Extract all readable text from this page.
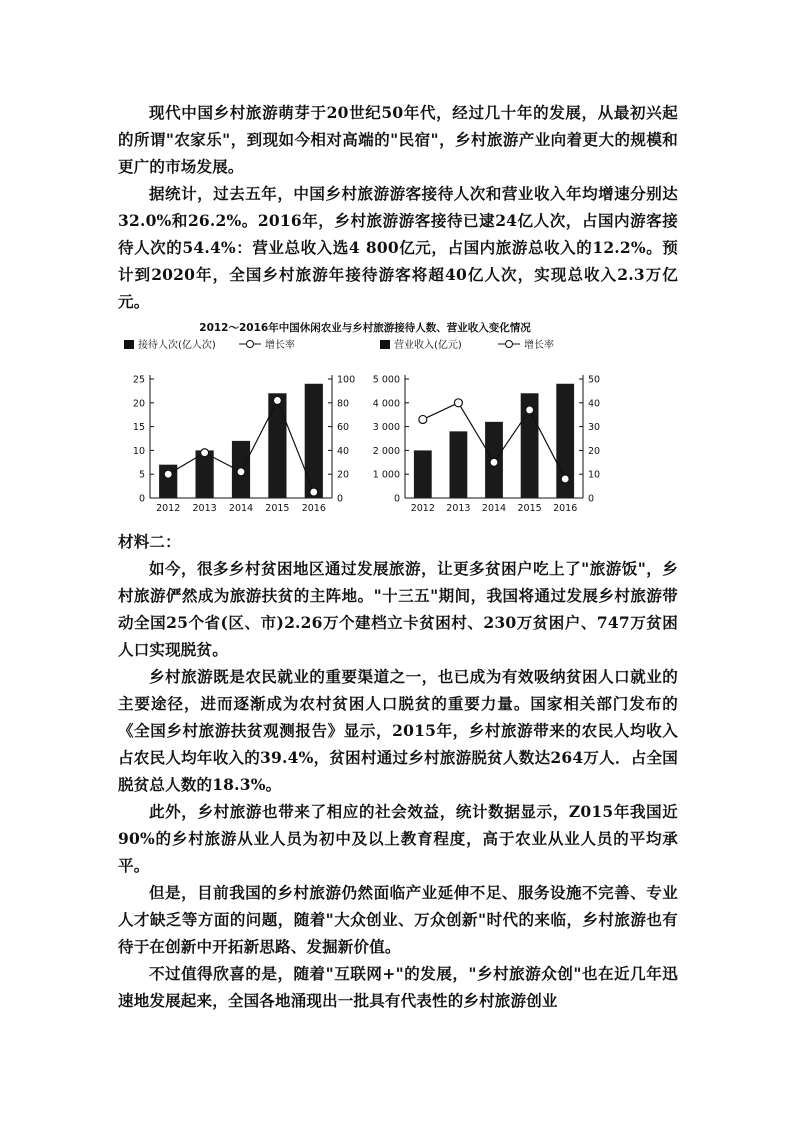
现代中国乡村旅游萌芽于20世纪50年代，经过几十年的发展，从最初兴起的所谓"农家乐"，到现如今相对高端的"民宿"，乡村旅游产业向着更大的规模和更广的市场发展。

据统计，过去五年，中国乡村旅游游客接待人次和营业收入年均增速分别达32.0%和26.2%。2016年，乡村旅游游客接待已逮24亿人次，占国内游客接待人次的54.4%：营业总收入选4 800亿元，占国内旅游总收入的12.2%。预计到2020年，全国乡村旅游年接待游客将超40亿人次，实现总收入2.3万亿元。

2012～2016年中国休闲农业与乡村旅游接待人数、营业收入变化情况
接待人次(亿人次)	增长率
0
5
10
15
20
25
0
20
40
60
80
100
2012 2013 2014 2015 2016
营业收入(亿元)	增长率
0
1 000
2 000
3 000
4 000
5 000
0
10
20
30
40
50
2012 2013 2014 2015 2016

材料二：

如今，很多乡村贫困地区通过发展旅游，让更多贫困户吃上了"旅游饭"，乡村旅游俨然成为旅游扶贫的主阵地。"十三五"期间，我国将通过发展乡村旅游带动全国25个省(区、市)2.26万个建档立卡贫困村、230万贫困户、747万贫困人口实现脱贫。

乡村旅游既是农民就业的重要渠道之一，也已成为有效吸纳贫困人口就业的主要途径，进而逐渐成为农村贫困人口脱贫的重要力量。国家相关部门发布的《全国乡村旅游扶贫观测报告》显示，2015年，乡村旅游带来的农民人均收入占农民人均年收入的39.4%，贫困村通过乡村旅游脱贫人数达264万人．占全国脱贫总人数的18.3%。

此外，乡村旅游也带来了相应的社会效益，统计数据显示，Z015年我国近90%的乡村旅游从业人员为初中及以上教育程度，高于农业从业人员的平均承平。

但是，目前我国的乡村旅游仍然面临产业延伸不足、服务设施不完善、专业人才缺乏等方面的问题，随着"大众创业、万众创新"时代的来临，乡村旅游也有待于在创新中开拓新思路、发掘新价值。

不过值得欣喜的是，随着"互联网+"的发展，"乡村旅游众创"也在近几年迅速地发展起来，全国各地涌现出一批具有代表性的乡村旅游创业
